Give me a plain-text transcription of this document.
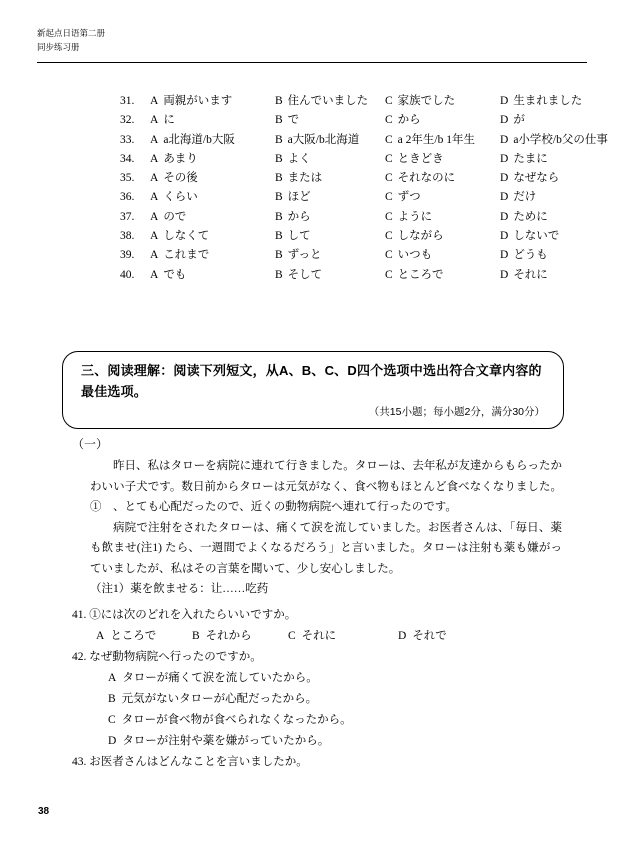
新起点日语第二册
同步练习册
31.	A 両親がいます	B 住んでいました	C 家族でした	D 生まれました
32.	A に	B で	C から	D が
33.	A a北海道/b大阪	B a大阪/b北海道	C a 2年生/b 1年生	D a小学校/b父の仕事
34.	A あまり	B よく	C ときどき	D たまに
35.	A その後	B または	C それなのに	D なぜなら
36.	A くらい	B ほど	C ずつ	D だけ
37.	A ので	B から	C ように	D ために
38.	A しなくて	B して	C しながら	D しないで
39.	A これまで	B ずっと	C いつも	D どうも
40.	A でも	B そして	C ところで	D それに
三、阅读理解：阅读下列短文，从A、B、C、D四个选项中选出符合文章内容的最佳选项。
（共15小题；每小题2分，满分30分）
（一）

昨日、私はタローを病院に連れて行きました。タローは、去年私が友達からもらったかわいい子犬です。数日前からタローは元気がなく、食べ物もほとんど食べなくなりました。①　、とても心配だったので、近くの動物病院へ連れて行ったのです。

病院で注射をされたタローは、痛くて涙を流していました。お医者さんは、「毎日、薬も飲ませ(注1) たら、一週間でよくなるだろう」と言いました。タローは注射も薬も嫌がっていましたが、私はその言葉を聞いて、少し安心しました。

（注1）薬を飲ませる：让……吃药

41. ①には次のどれを入れたらいいですか。
A ところで	B それから	C それに	D それで
42. なぜ動物病院へ行ったのですか。
A タローが痛くて涙を流していたから。
B 元気がないタローが心配だったから。
C タローが食べ物が食べられなくなったから。
D タローが注射や薬を嫌がっていたから。
43. お医者さんはどんなことを言いましたか。
38
